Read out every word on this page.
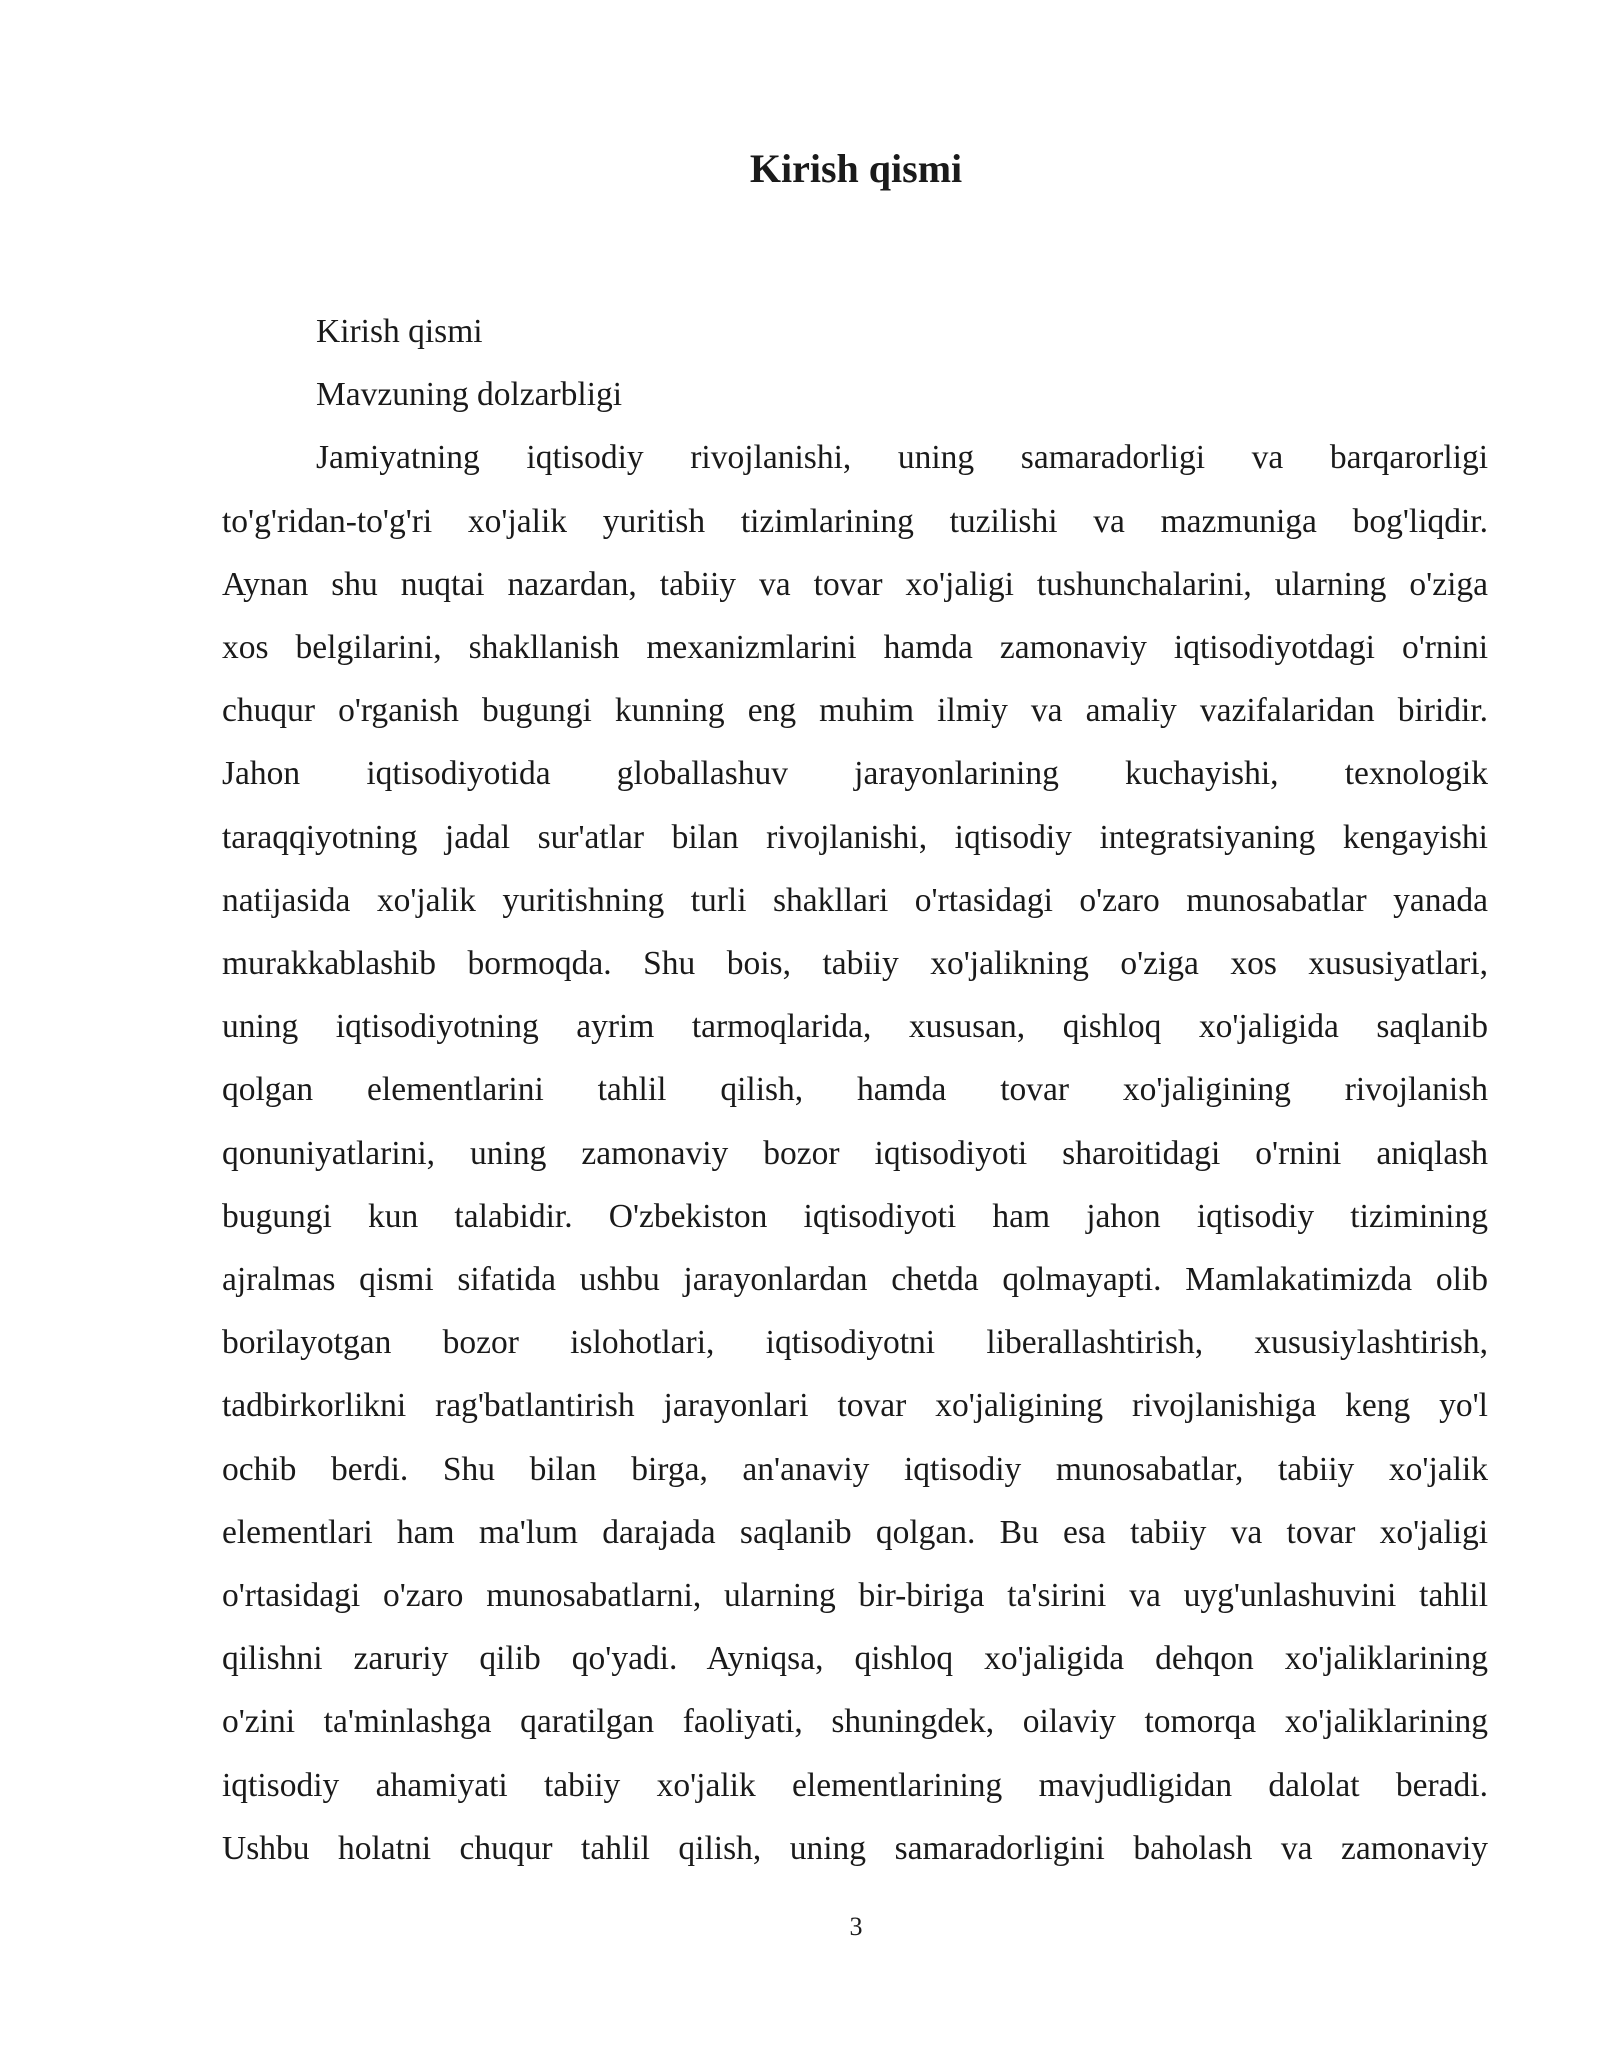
Kirish qismi
Kirish qismi
Mavzuning dolzarbligi
Jamiyatning iqtisodiy rivojlanishi, uning samaradorligi va barqarorligi
to'g'ridan-to'g'ri xo'jalik yuritish tizimlarining tuzilishi va mazmuniga bog'liqdir.
Aynan shu nuqtai nazardan, tabiiy va tovar xo'jaligi tushunchalarini, ularning o'ziga
xos belgilarini, shakllanish mexanizmlarini hamda zamonaviy iqtisodiyotdagi o'rnini
chuqur o'rganish bugungi kunning eng muhim ilmiy va amaliy vazifalaridan biridir.
Jahon iqtisodiyotida globallashuv jarayonlarining kuchayishi, texnologik
taraqqiyotning jadal sur'atlar bilan rivojlanishi, iqtisodiy integratsiyaning kengayishi
natijasida xo'jalik yuritishning turli shakllari o'rtasidagi o'zaro munosabatlar yanada
murakkablashib bormoqda. Shu bois, tabiiy xo'jalikning o'ziga xos xususiyatlari,
uning iqtisodiyotning ayrim tarmoqlarida, xususan, qishloq xo'jaligida saqlanib
qolgan elementlarini tahlil qilish, hamda tovar xo'jaligining rivojlanish
qonuniyatlarini, uning zamonaviy bozor iqtisodiyoti sharoitidagi o'rnini aniqlash
bugungi kun talabidir. O'zbekiston iqtisodiyoti ham jahon iqtisodiy tizimining
ajralmas qismi sifatida ushbu jarayonlardan chetda qolmayapti. Mamlakatimizda olib
borilayotgan bozor islohotlari, iqtisodiyotni liberallashtirish, xususiylashtirish,
tadbirkorlikni rag'batlantirish jarayonlari tovar xo'jaligining rivojlanishiga keng yo'l
ochib berdi. Shu bilan birga, an'anaviy iqtisodiy munosabatlar, tabiiy xo'jalik
elementlari ham ma'lum darajada saqlanib qolgan. Bu esa tabiiy va tovar xo'jaligi
o'rtasidagi o'zaro munosabatlarni, ularning bir-biriga ta'sirini va uyg'unlashuvini tahlil
qilishni zaruriy qilib qo'yadi. Ayniqsa, qishloq xo'jaligida dehqon xo'jaliklarining
o'zini ta'minlashga qaratilgan faoliyati, shuningdek, oilaviy tomorqa xo'jaliklarining
iqtisodiy ahamiyati tabiiy xo'jalik elementlarining mavjudligidan dalolat beradi.
Ushbu holatni chuqur tahlil qilish, uning samaradorligini baholash va zamonaviy
3
